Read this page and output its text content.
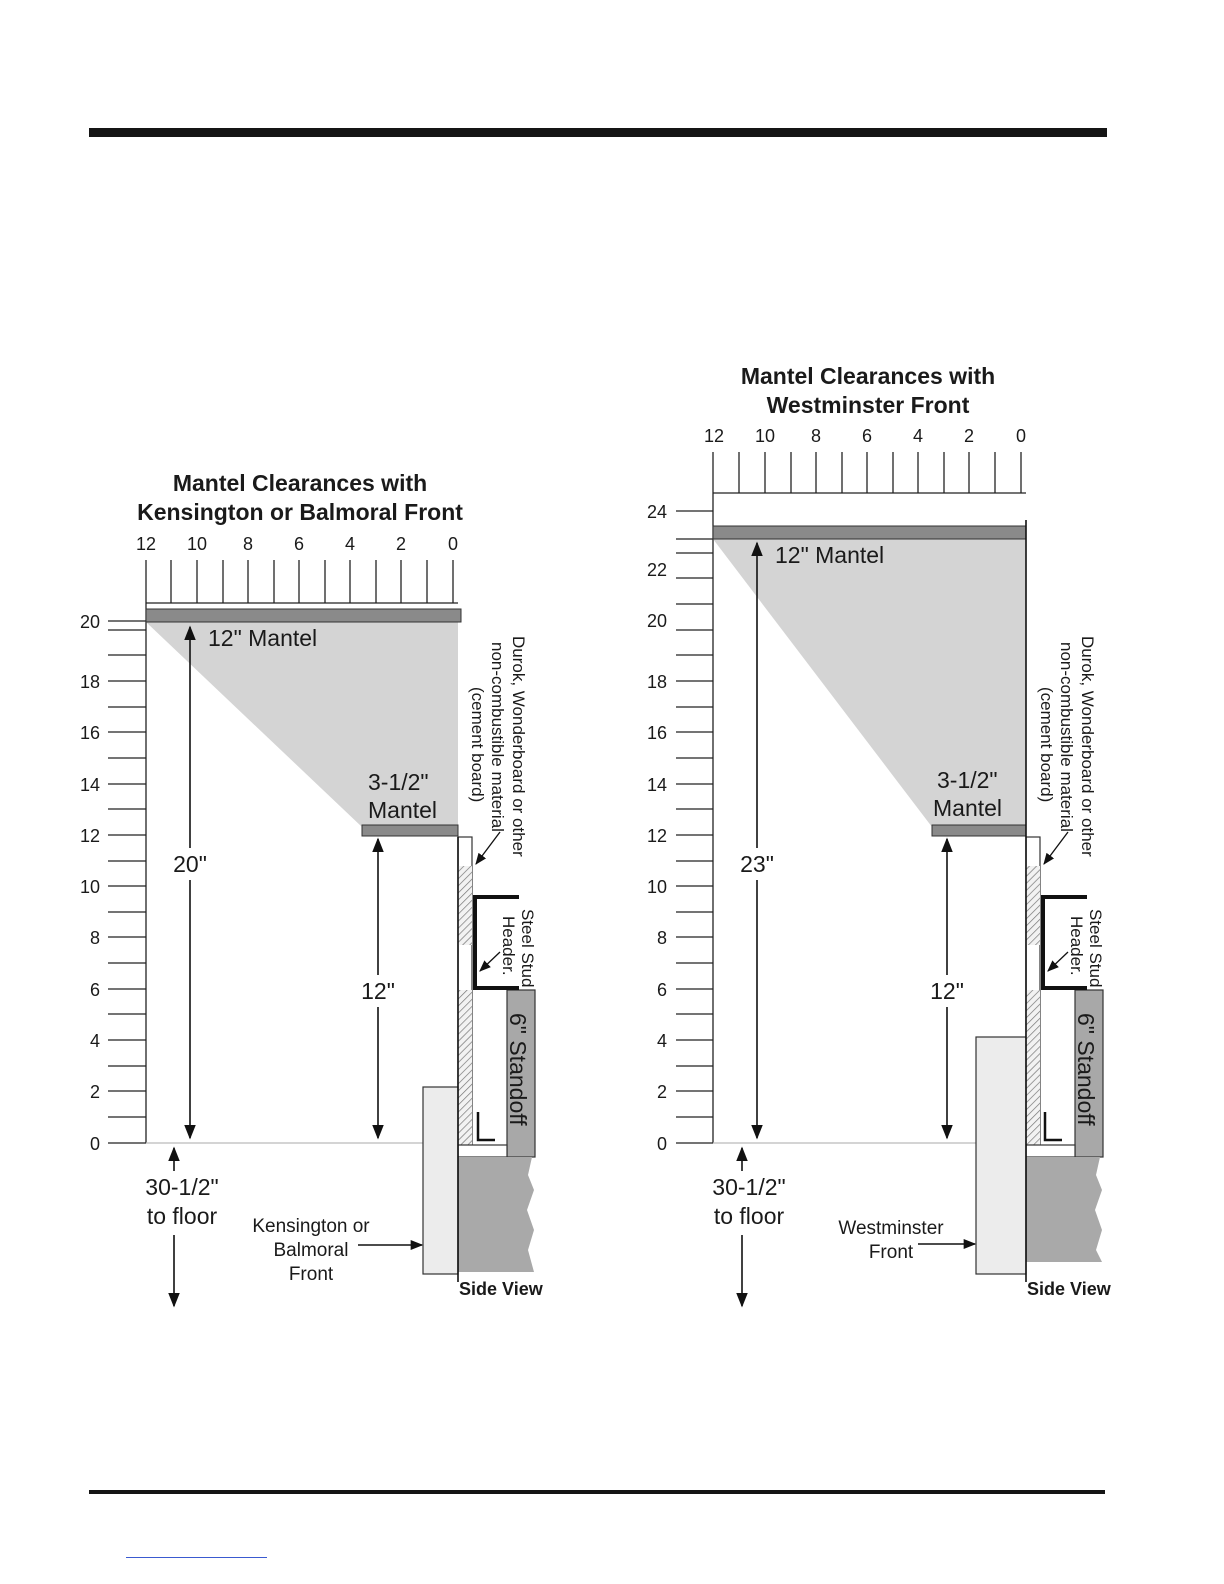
Mantel Clearances with
Kensington or Balmoral Front
12 10 8 6 4 2 0
0
2
4
6
8
10
12
14
16
18
20
12" Mantel
3-1/2"
Mantel
20"
12"
30-1/2"
to floor
Durok, Wonderboard or other
non-combustible material
(cement board)
Steel Stud
Header.
6" Standoff
Kensington or
Balmoral
Front
Side View
Mantel Clearances with
Westminster Front
12 10 8 6 4 2 0
0
2
4
6
8
10
12
14
16
18
20
22
24
12" Mantel
3-1/2"
Mantel
23"
12"
30-1/2"
to floor
Durok, Wonderboard or other
non-combustible material
(cement board)
Steel Stud
Header.
6" Standoff
Westminster
Front
Side View
